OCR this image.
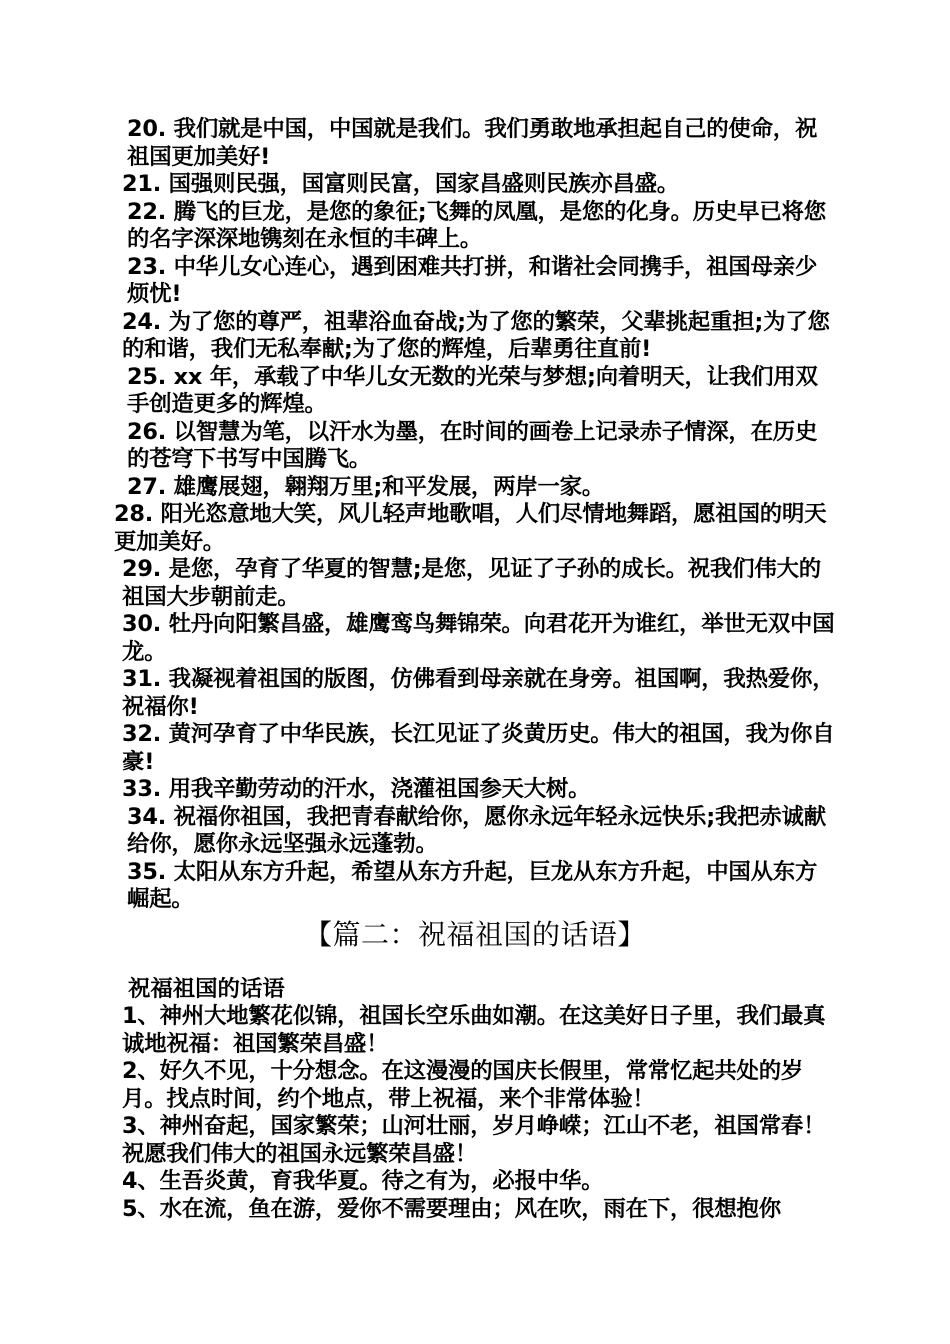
20. 我们就是中国，中国就是我们。我们勇敢地承担起自己的使命，祝祖国更加美好!

21. 国强则民强，国富则民富，国家昌盛则民族亦昌盛。

22. 腾飞的巨龙，是您的象征;飞舞的凤凰，是您的化身。历史早已将您的名字深深地镌刻在永恒的丰碑上。

23. 中华儿女心连心，遇到困难共打拼，和谐社会同携手，祖国母亲少烦忧!

24. 为了您的尊严，祖辈浴血奋战;为了您的繁荣，父辈挑起重担;为了您的和谐，我们无私奉献;为了您的辉煌，后辈勇往直前!

25. xx 年，承载了中华儿女无数的光荣与梦想;向着明天，让我们用双手创造更多的辉煌。

26. 以智慧为笔，以汗水为墨，在时间的画卷上记录赤子情深，在历史的苍穹下书写中国腾飞。

27. 雄鹰展翅，翱翔万里;和平发展，两岸一家。

28. 阳光恣意地大笑，风儿轻声地歌唱，人们尽情地舞蹈，愿祖国的明天更加美好。

29. 是您，孕育了华夏的智慧;是您，见证了子孙的成长。祝我们伟大的祖国大步朝前走。

30. 牡丹向阳繁昌盛，雄鹰鸾鸟舞锦荣。向君花开为谁红，举世无双中国龙。

31. 我凝视着祖国的版图，仿佛看到母亲就在身旁。祖国啊，我热爱你，祝福你!

32. 黄河孕育了中华民族，长江见证了炎黄历史。伟大的祖国，我为你自豪!

33. 用我辛勤劳动的汗水，浇灌祖国参天大树。

34. 祝福你祖国，我把青春献给你，愿你永远年轻永远快乐;我把赤诚献给你，愿你永远坚强永远蓬勃。

35. 太阳从东方升起，希望从东方升起，巨龙从东方升起，中国从东方崛起。

【篇二：祝福祖国的话语】

祝福祖国的话语

1、神州大地繁花似锦，祖国长空乐曲如潮。在这美好日子里，我们最真诚地祝福：祖国繁荣昌盛！

2、好久不见，十分想念。在这漫漫的国庆长假里，常常忆起共处的岁月。找点时间，约个地点，带上祝福，来个非常体验！

3、神州奋起，国家繁荣；山河壮丽，岁月峥嵘；江山不老，祖国常春！祝愿我们伟大的祖国永远繁荣昌盛！

4、生吾炎黄，育我华夏。待之有为，必报中华。

5、水在流，鱼在游，爱你不需要理由；风在吹，雨在下，很想抱你
